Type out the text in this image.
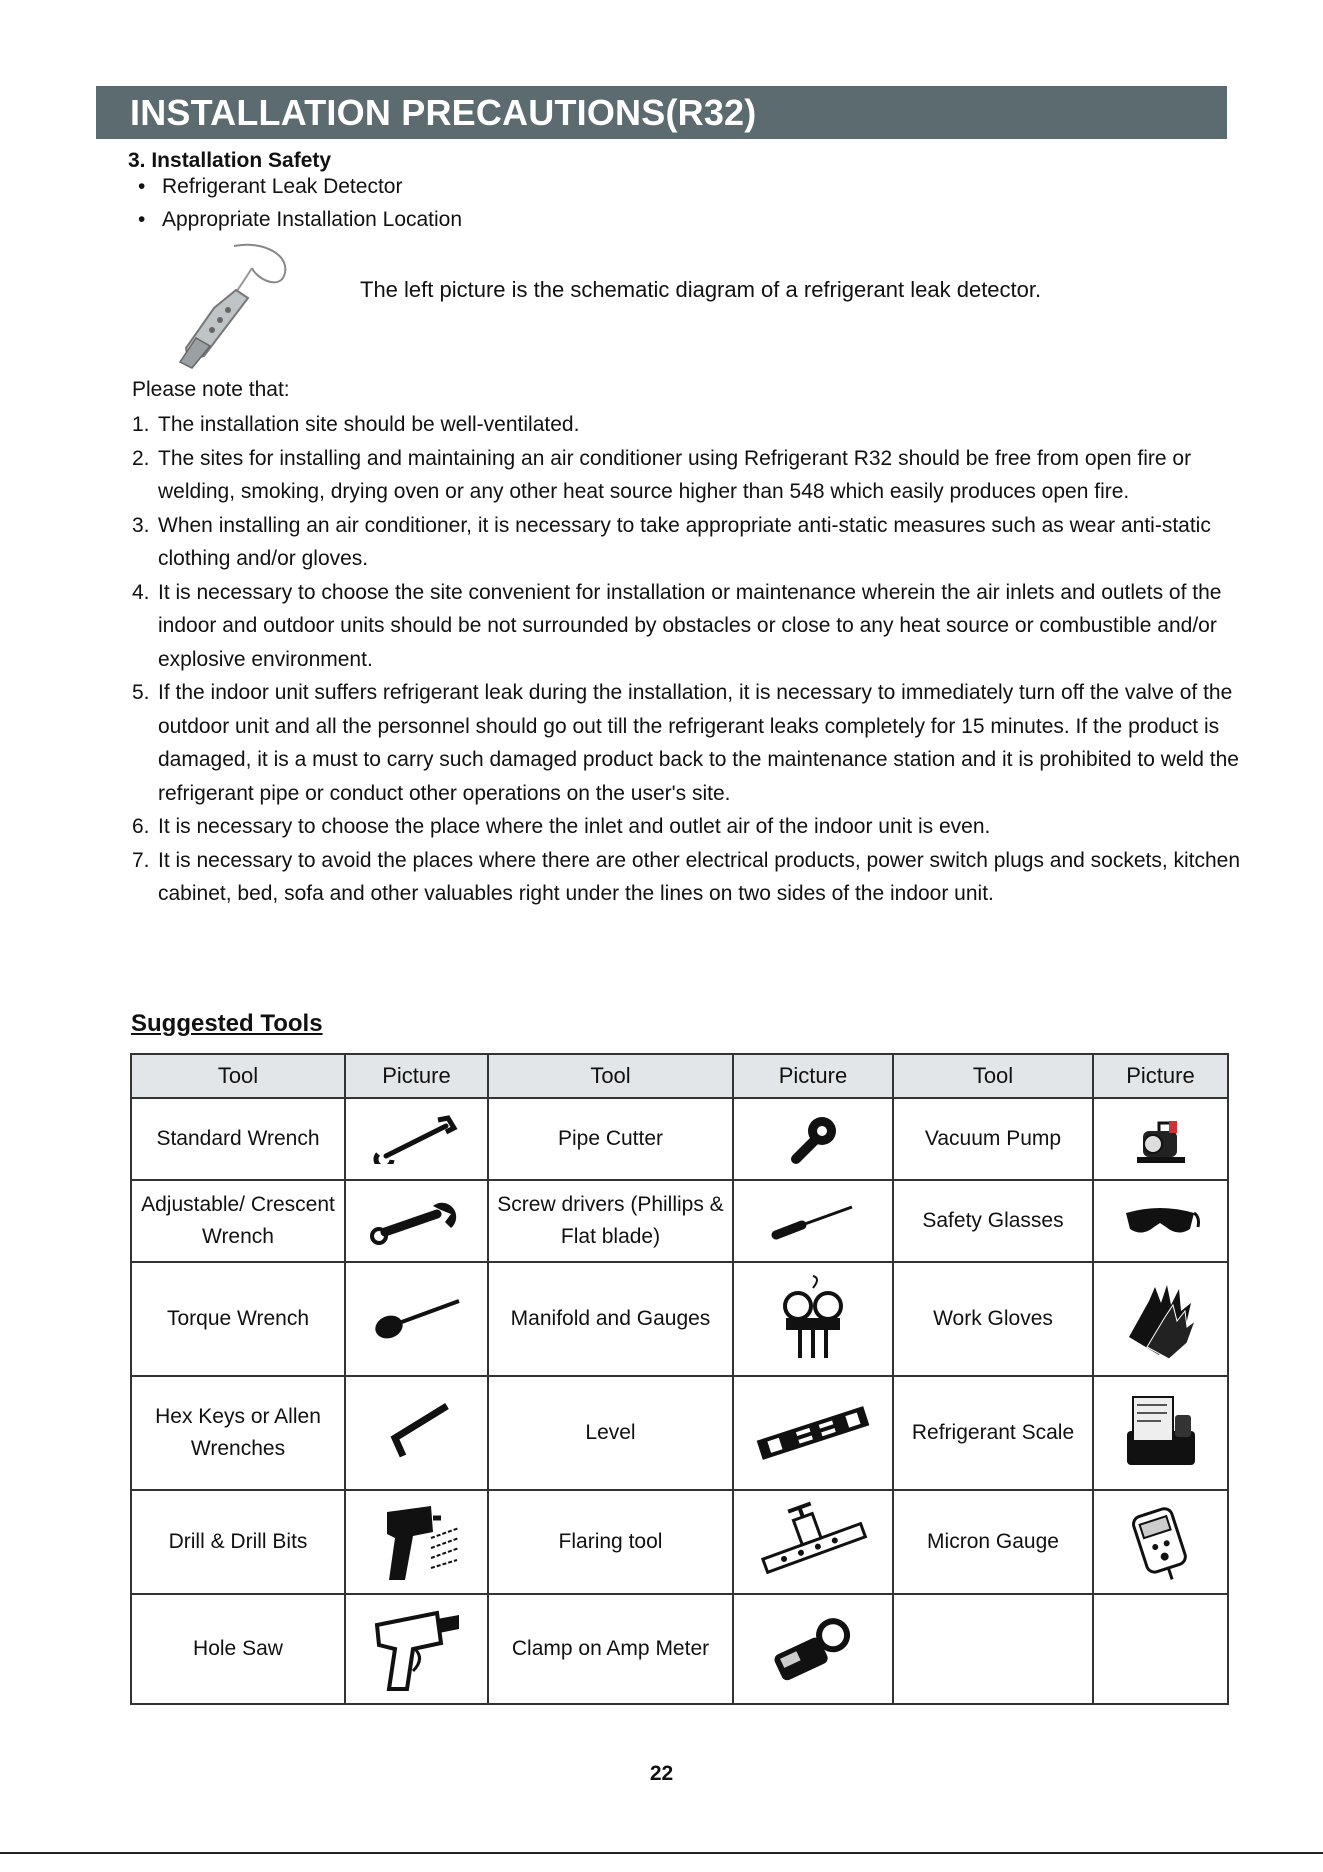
INSTALLATION PRECAUTIONS(R32)
3. Installation Safety
• Refrigerant Leak Detector
• Appropriate Installation Location
The left picture is the schematic diagram of a refrigerant leak detector.
Please note that:
1. The installation site should be well-ventilated.
2. The sites for installing and maintaining an air conditioner using Refrigerant R32 should be free from open fire or welding, smoking, drying oven or any other heat source higher than 548 which easily produces open fire.
3. When installing an air conditioner, it is necessary to take appropriate anti-static measures such as wear anti-static clothing and/or gloves.
4. It is necessary to choose the site convenient for installation or maintenance wherein the air inlets and outlets of the indoor and outdoor units should be not surrounded by obstacles or close to any heat source or combustible and/or explosive environment.
5. If the indoor unit suffers refrigerant leak during the installation, it is necessary to immediately turn off the valve of the outdoor unit and all the personnel should go out till the refrigerant leaks completely for 15 minutes. If the product is damaged, it is a must to carry such damaged product back to the maintenance station and it is prohibited to weld the refrigerant pipe or conduct other operations on the user's site.
6. It is necessary to choose the place where the inlet and outlet air of the indoor unit is even.
7. It is necessary to avoid the places where there are other electrical products, power switch plugs and sockets, kitchen cabinet, bed, sofa and other valuables right under the lines on two sides of the indoor unit.
Suggested Tools
Tool	Picture	Tool	Picture	Tool	Picture
Standard Wrench		Pipe Cutter		Vacuum Pump	

Adjustable/ Crescent Wrench		Screw drivers (Phillips & Flat blade)		Safety Glasses	

Torque Wrench		Manifold and Gauges		Work Gloves	

Hex Keys or Allen Wrenches		Level		Refrigerant Scale	

Drill & Drill Bits		Flaring tool		Micron Gauge	

Hole Saw		Clamp on Amp Meter	

22
